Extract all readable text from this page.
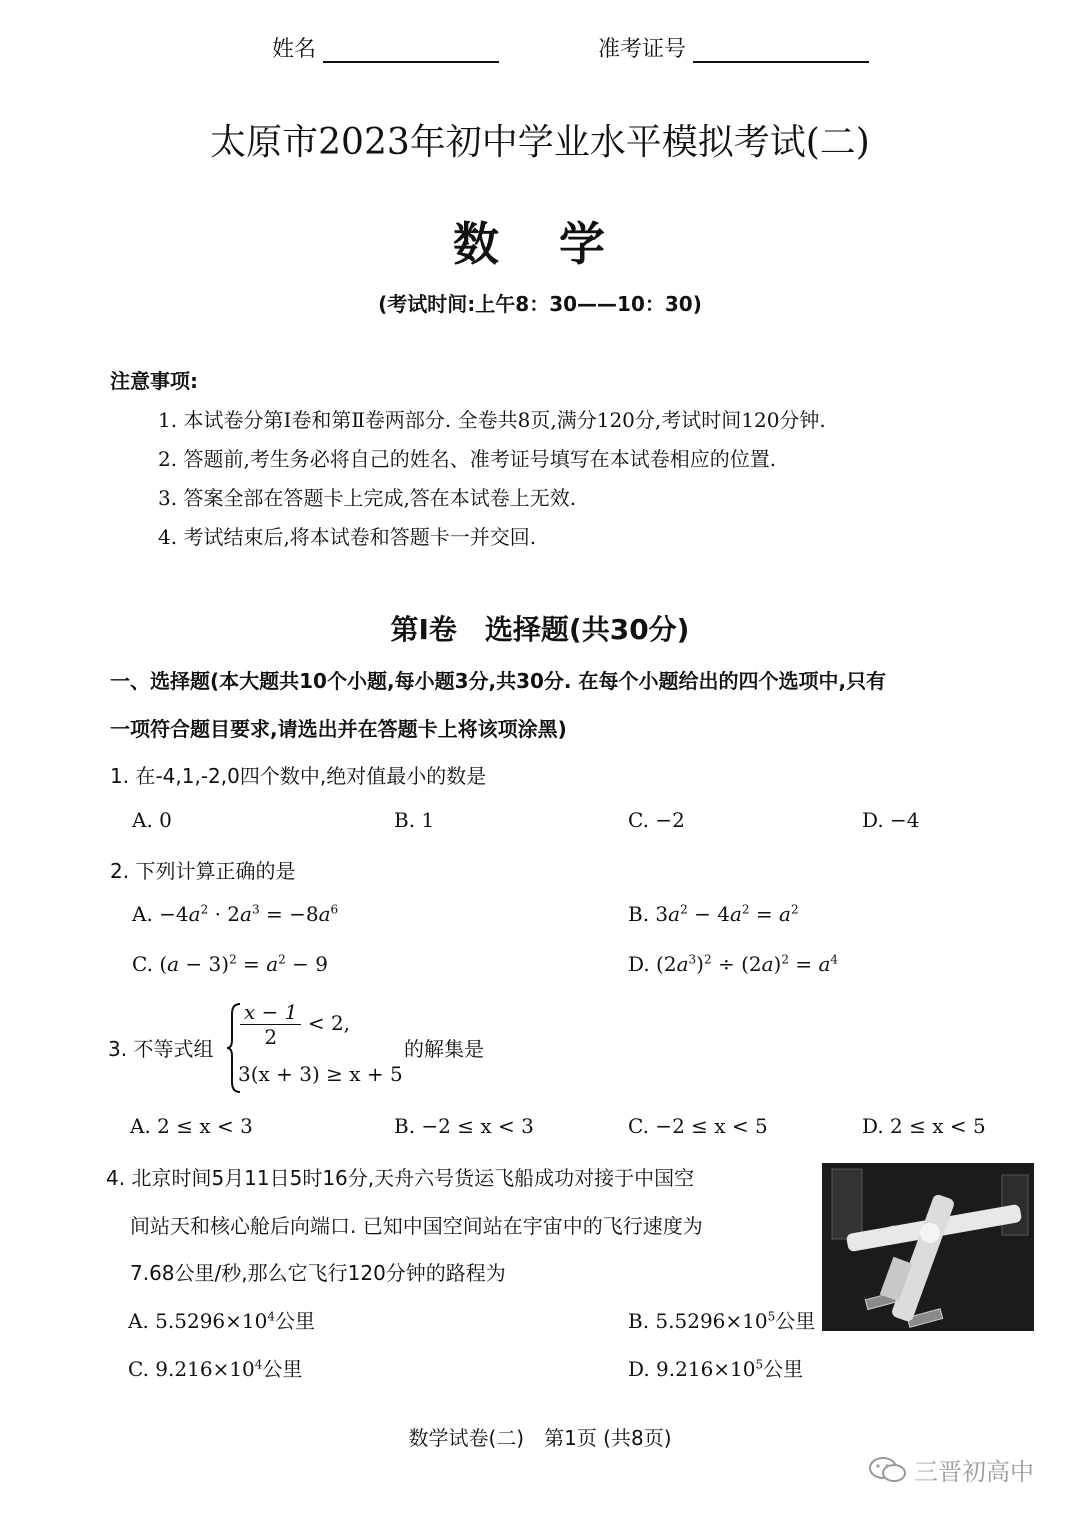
姓名	准考证号
太原市2023年初中学业水平模拟考试(二)
数 学
(考试时间:上午8：30——10：30)
注意事项:
1. 本试卷分第Ⅰ卷和第Ⅱ卷两部分. 全卷共8页,满分120分,考试时间120分钟.
2. 答题前,考生务必将自己的姓名、准考证号填写在本试卷相应的位置.
3. 答案全部在答题卡上完成,答在本试卷上无效.
4. 考试结束后,将本试卷和答题卡一并交回.
第Ⅰ卷　选择题(共30分)
一、选择题(本大题共10个小题,每小题3分,共30分. 在每个小题给出的四个选项中,只有
一项符合题目要求,请选出并在答题卡上将该项涂黑)
1. 在-4,1,-2,0四个数中,绝对值最小的数是
A. 0	B. 1	C. −2	D. −4
2. 下列计算正确的是
A. $-4a^2 \cdot 2a^3 = -8a^6$	B. $3a^2 - 4a^2 = a^2$
C. $(a - 3)^2 = a^2 - 9$	D. $(2a^3)^2 \div (2a)^2 = a^4$
3. 不等式组 $\frac{x - 1}{2} < 2$,
3(x + 3) ≥ x + 5
的解集是
A. 2 ≤ x < 3	B. −2 ≤ x < 3	C. −2 ≤ x < 5	D. 2 ≤ x < 5
4. 北京时间5月11日5时16分,天舟六号货运飞船成功对接于中国空
间站天和核心舱后向端口. 已知中国空间站在宇宙中的飞行速度为
7.68公里/秒,那么它飞行120分钟的路程为
A. $5.5296\times 10^4$公里	B. $5.5296\times 10^5$公里
C. $9.216\times 10^4$公里	D. $9.216\times 10^5$公里
数学试卷(二)　第1页 (共8页)
三晋初高中
